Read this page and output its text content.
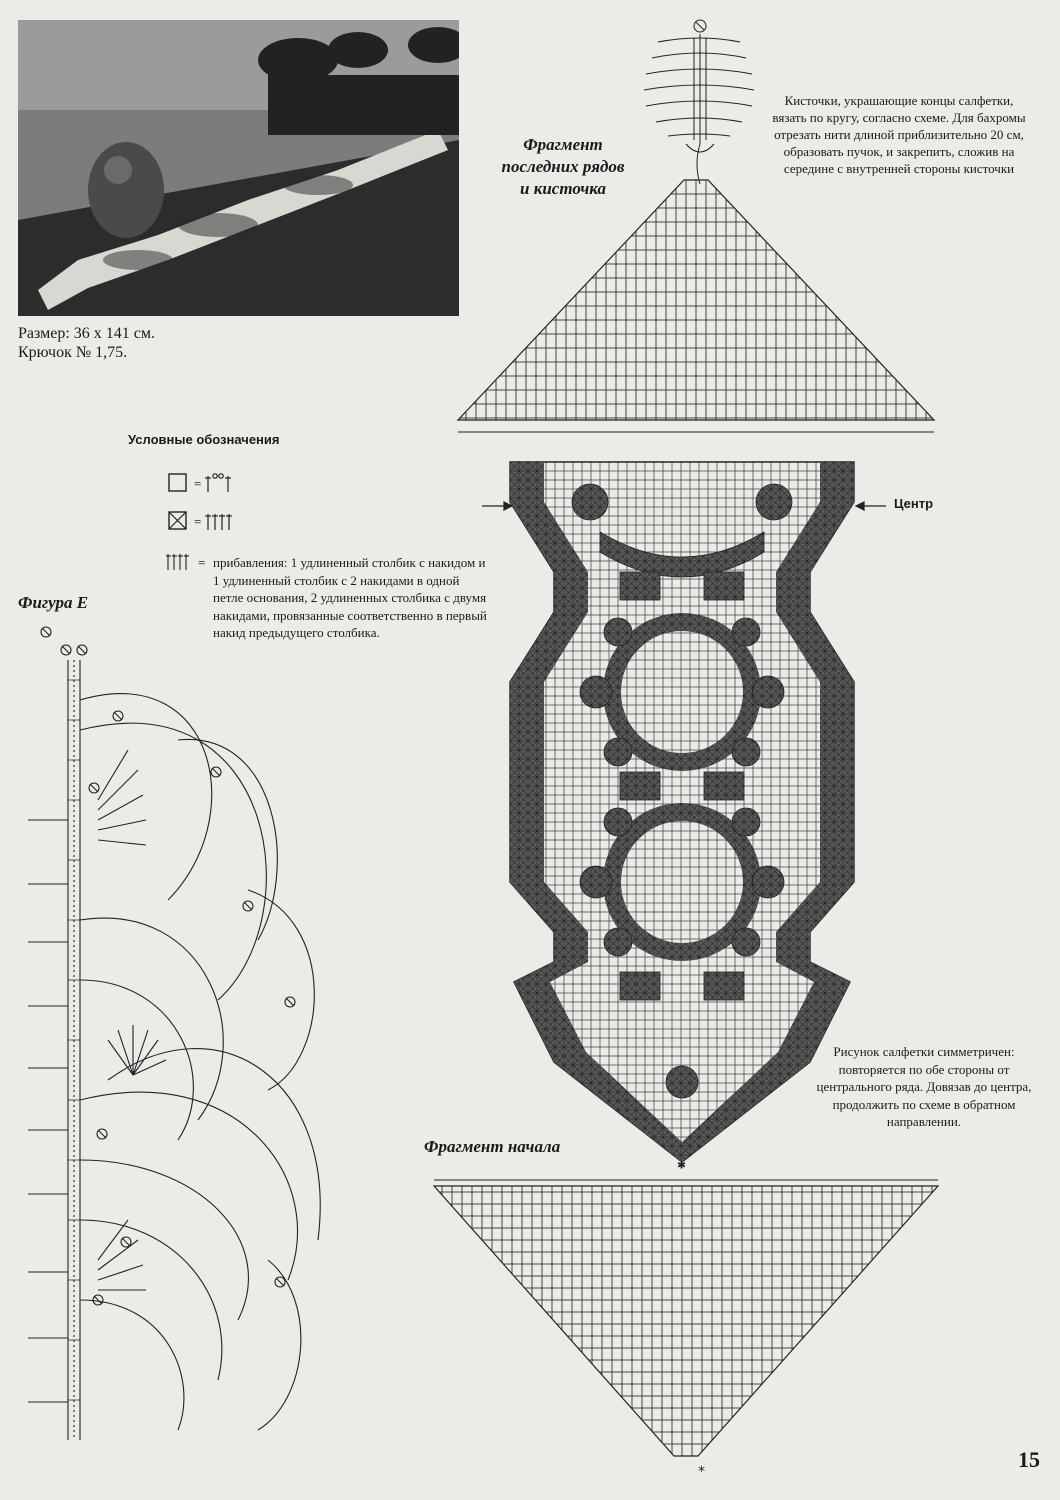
Размер: 36 x 141 см.
Крючок № 1,75.
Условные обозначения
=
=
= прибавления: 1 удлиненный столбик с накидом и 1 удлиненный столбик с 2 накидами в одной петле основания, 2 удлиненных столбика с двумя накидами, провязанные соответственно в первый накид предыдущего столбика.
Фигура Е
Фрагмент
последних рядов
и кисточка
Кисточки, украшающие концы салфетки, вязать по кругу, согласно схеме. Для бахромы отрезать нити длиной приблизительно 20 см, образовать пучок, и закрепить, сложив на середине с внутренней стороны кисточки
Центр
*
Рисунок салфетки симметричен: повторяется по обе стороны от центрального ряда. Довязав до центра, продолжить по схеме в обратном направлении.
Фрагмент начала
*	15
